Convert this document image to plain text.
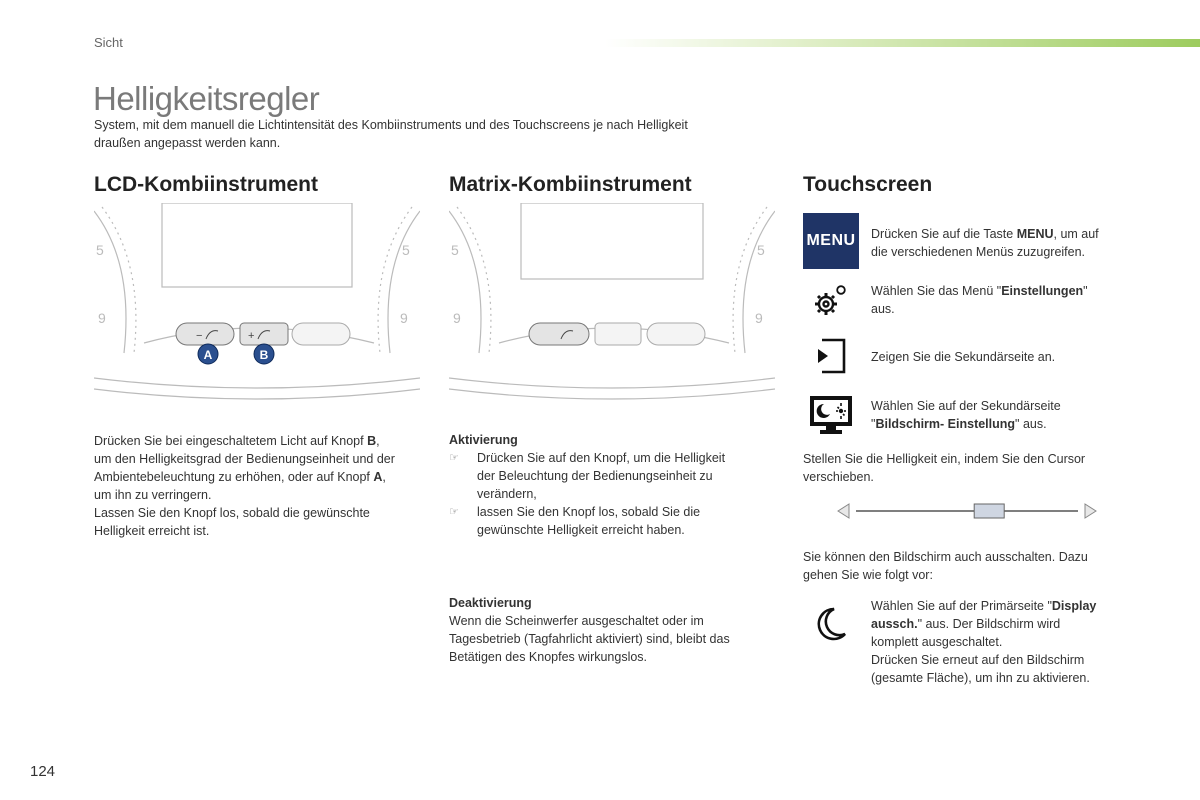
Sicht
Helligkeitsregler
System, mit dem manuell die Lichtintensität des Kombiinstruments und des Touchscreens je nach Helligkeit
draußen angepasst werden kann.
LCD-Kombiinstrument	Matrix-Kombiinstrument	Touchscreen
5
9
5
9
−	+
A	B
5
9
5
9
Drücken Sie bei eingeschaltetem Licht auf Knopf B,
um den Helligkeitsgrad der Bedienungseinheit und der
Ambientebeleuchtung zu erhöhen, oder auf Knopf A,
um ihn zu verringern.
Lassen Sie den Knopf los, sobald die gewünschte
Helligkeit erreicht ist.
Aktivierung
☞ Drücken Sie auf den Knopf, um die Helligkeit
der Beleuchtung der Bedienungseinheit zu
verändern,
☞ lassen Sie den Knopf los, sobald Sie die
gewünschte Helligkeit erreicht haben.
Deaktivierung
Wenn die Scheinwerfer ausgeschaltet oder im
Tagesbetrieb (Tagfahrlicht aktiviert) sind, bleibt das
Betätigen des Knopfes wirkungslos.
MENU Drücken Sie auf die Taste MENU, um auf
die verschiedenen Menüs zuzugreifen.
Wählen Sie das Menü "Einstellungen"
aus.
Zeigen Sie die Sekundärseite an.
Wählen Sie auf der Sekundärseite
"Bildschirm- Einstellung" aus.
Stellen Sie die Helligkeit ein, indem Sie den Cursor
verschieben.
Sie können den Bildschirm auch ausschalten. Dazu
gehen Sie wie folgt vor:
Wählen Sie auf der Primärseite "Display
aussch." aus. Der Bildschirm wird
komplett ausgeschaltet.
Drücken Sie erneut auf den Bildschirm
(gesamte Fläche), um ihn zu aktivieren.
124
